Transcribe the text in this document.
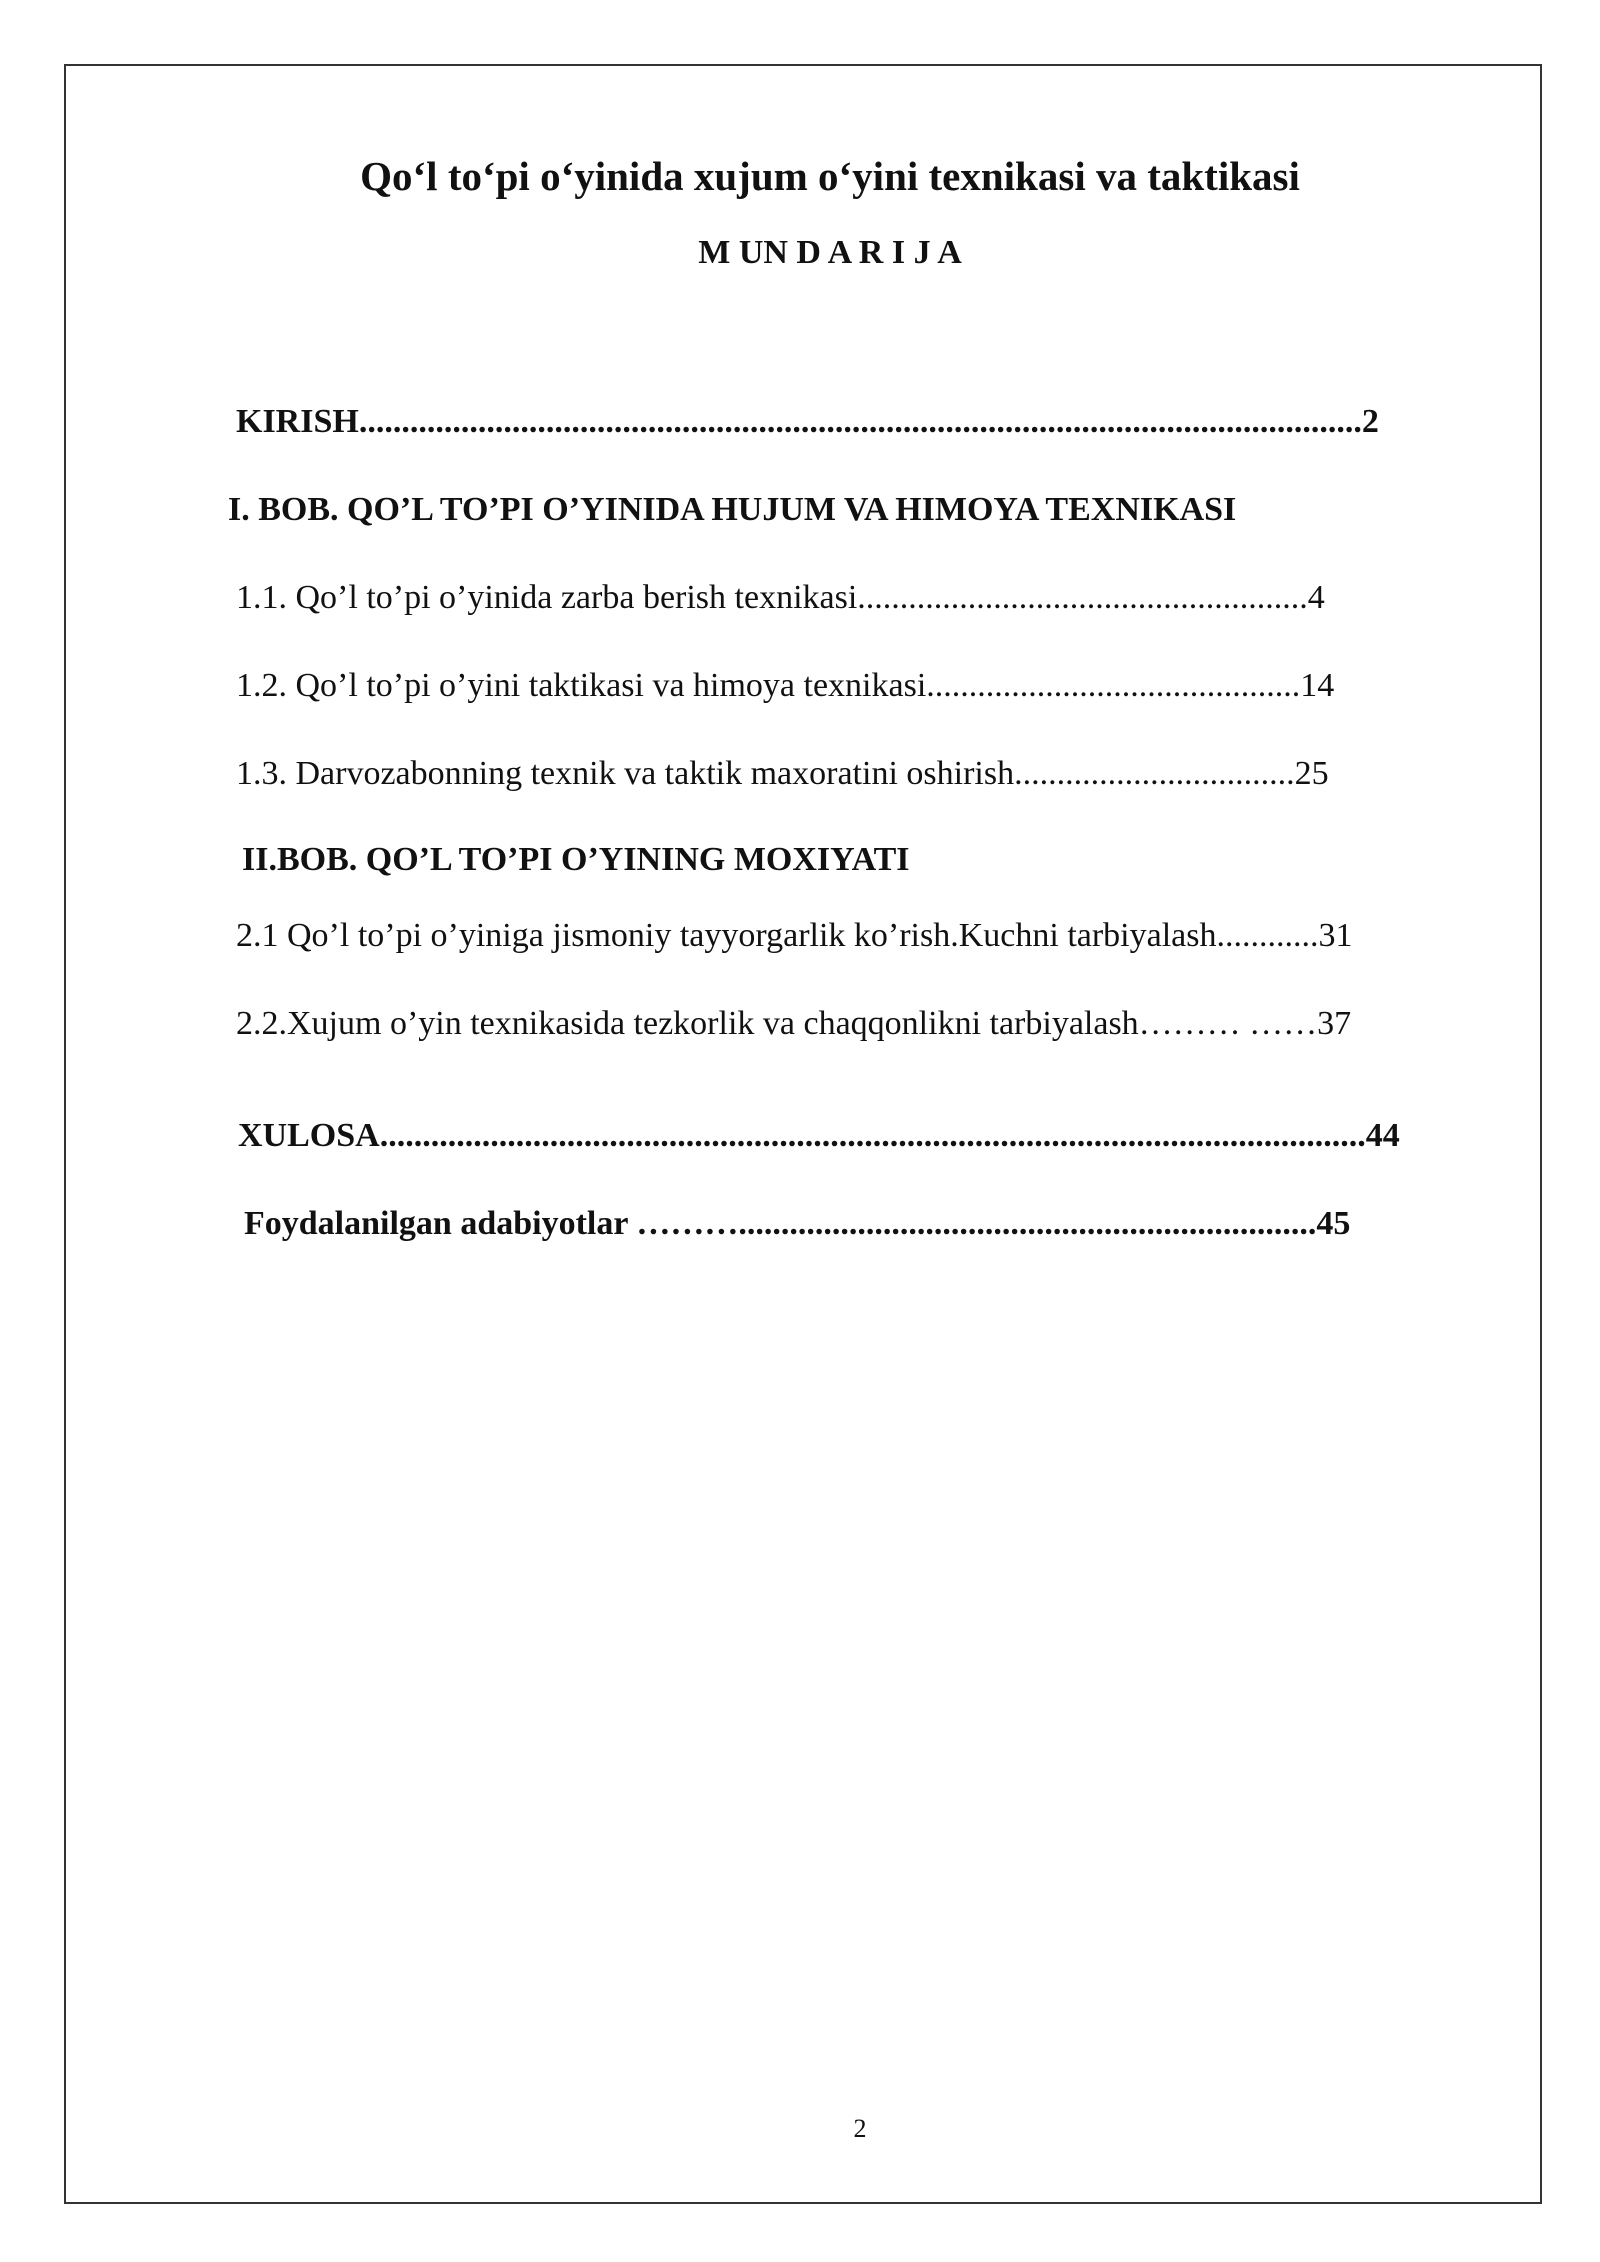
Qo‘l to‘pi o‘yinida xujum o‘yini texnikasi va taktikasi
M UN D A R I J A
KIRISH......................................................................................................................2
I. BOB. QO’L TO’PI O’YINIDA HUJUM VA HIMOYA TEXNIKASI
1.1. Qo’l to’pi o’yinida zarba berish texnikasi.....................................................4
1.2. Qo’l to’pi o’yini taktikasi va himoya texnikasi............................................14
1.3. Darvozabonning texnik va taktik maxoratini oshirish.................................25
II.BOB. QO’L TO’PI O’YINING MOXIYATI
2.1 Qo’l to’pi o’yiniga jismoniy tayyorgarlik ko’rish.Kuchni tarbiyalash............31
2.2.Xujum o’yin texnikasida tezkorlik va chaqqonlikni tarbiyalash……… ……37
XULOSA....................................................................................................................44
Foydalanilgan adabiyotlar ………....................................................................45
2
